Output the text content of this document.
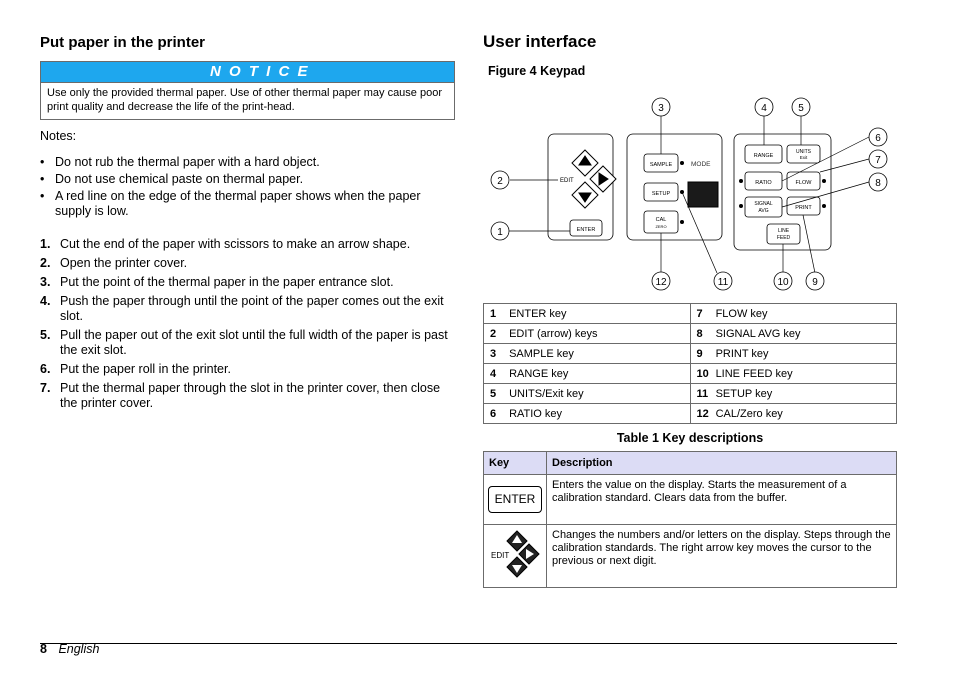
Put paper in the printer
N O T I C E
Use only the provided thermal paper. Use of other thermal paper may cause poor print quality and decrease the life of the print-head.
Notes:
• Do not rub the thermal paper with a hard object.
• Do not use chemical paste on thermal paper.
• A red line on the edge of the thermal paper shows when the paper supply is low.
1. Cut the end of the paper with scissors to make an arrow shape.
2. Open the printer cover.
3. Put the point of the thermal paper in the paper entrance slot.
4. Push the paper through until the point of the paper comes out the exit slot.
5. Pull the paper out of the exit slot until the full width of the paper is past the exit slot.
6. Put the paper roll in the printer.
7. Put the thermal paper through the slot in the printer cover, then close the printer cover.
User interface
Figure 4 Keypad
EDIT
ENTER
SAMPLE	MODE
SETUP
CAL
ZERO
RANGE
UNITS
Exit
RATIO	FLOW
SIGNAL
AVG	PRINT
LINE
FEED
2
1
3	4	5
6
7
8
9
10
11
12
1 ENTER key	7 FLOW key
2 EDIT (arrow) keys	8 SIGNAL AVG key
3 SAMPLE key	9 PRINT key
4 RANGE key	10 LINE FEED key
5 UNITS/Exit key	11 SETUP key
6 RATIO key	12 CAL/Zero key
Table 1 Key descriptions
Key	Description
ENTER	Enters the value on the display. Starts the measurement of a calibration standard. Clears data from the buffer.

EDIT	Changes the numbers and/or letters on the display. Steps through the calibration standards. The right arrow key moves the cursor to the previous or next digit.
8 English
